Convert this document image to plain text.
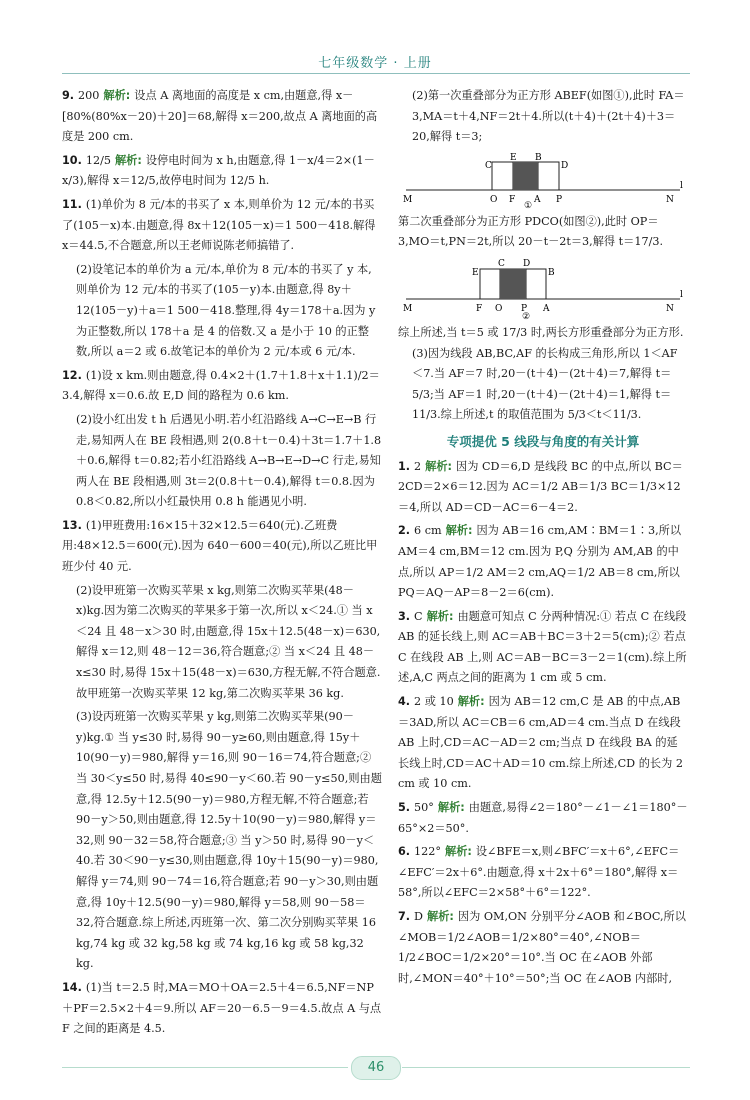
七年级数学 · 上册
9. 200 解析: 设点 A 离地面的高度是 x cm,由题意,得 x－[80%(80%x－20)＋20]＝68,解得 x＝200,故点 A 离地面的高度是 200 cm.
10. 12/5 解析: 设停电时间为 x h,由题意,得 1－x/4＝2×(1－x/3),解得 x＝12/5,故停电时间为 12/5 h.
11. (1)单价为 8 元/本的书买了 x 本,则单价为 12 元/本的书买了(105－x)本.由题意,得 8x＋12(105－x)＝1 500－418.解得 x＝44.5,不合题意,所以王老师说陈老师搞错了.
(2)设笔记本的单价为 a 元/本,单价为 8 元/本的书买了 y 本,则单价为 12 元/本的书买了(105－y)本.由题意,得 8y＋12(105－y)＋a＝1 500－418.整理,得 4y＝178＋a.因为 y 为正整数,所以 178＋a 是 4 的倍数.又 a 是小于 10 的正整数,所以 a＝2 或 6.故笔记本的单价为 2 元/本或 6 元/本.
12. (1)设 x km.则由题意,得 0.4×2＋(1.7＋1.8＋x＋1.1)/2＝3.4,解得 x＝0.6.故 E,D 间的路程为 0.6 km.
(2)设小红出发 t h 后遇见小明.若小红沿路线 A→C→E→B 行走,易知两人在 BE 段相遇,则 2(0.8＋t－0.4)＋3t＝1.7＋1.8＋0.6,解得 t＝0.82;若小红沿路线 A→B→E→D→C 行走,易知两人在 BE 段相遇,则 3t＝2(0.8＋t－0.4),解得 t＝0.8.因为 0.8＜0.82,所以小红最快用 0.8 h 能遇见小明.
13. (1)甲班费用:16×15＋32×12.5＝640(元).乙班费用:48×12.5＝600(元).因为 640－600＝40(元),所以乙班比甲班少付 40 元.
(2)设甲班第一次购买苹果 x kg,则第二次购买苹果(48－x)kg.因为第二次购买的苹果多于第一次,所以 x＜24.① 当 x＜24 且 48－x＞30 时,由题意,得 15x＋12.5(48－x)＝630,解得 x＝12,则 48－12＝36,符合题意;② 当 x＜24 且 48－x≤30 时,易得 15x＋15(48－x)＝630,方程无解,不符合题意.故甲班第一次购买苹果 12 kg,第二次购买苹果 36 kg.
(3)设丙班第一次购买苹果 y kg,则第二次购买苹果(90－y)kg.① 当 y≤30 时,易得 90－y≥60,则由题意,得 15y＋10(90－y)＝980,解得 y＝16,则 90－16＝74,符合题意;② 当 30＜y≤50 时,易得 40≤90－y＜60.若 90－y≤50,则由题意,得 12.5y＋12.5(90－y)＝980,方程无解,不符合题意;若 90－y＞50,则由题意,得 12.5y＋10(90－y)＝980,解得 y＝32,则 90－32＝58,符合题意;③ 当 y＞50 时,易得 90－y＜40.若 30＜90－y≤30,则由题意,得 10y＋15(90－y)＝980,解得 y＝74,则 90－74＝16,符合题意;若 90－y＞30,则由题意,得 10y＋12.5(90－y)＝980,解得 y＝58,则 90－58＝32,符合题意.综上所述,丙班第一次、第二次分别购买苹果 16 kg,74 kg 或 32 kg,58 kg 或 74 kg,16 kg 或 58 kg,32 kg.
14. (1)当 t＝2.5 时,MA＝MO＋OA＝2.5＋4＝6.5,NF＝NP＋PF＝2.5×2＋4＝9.所以 AF＝20－6.5－9＝4.5.故点 A 与点 F 之间的距离是 4.5.

(2)第一次重叠部分为正方形 ABEF(如图①),此时 FA＝3,MA＝t＋4,NF＝2t＋4.所以(t＋4)＋(2t＋4)＋3＝20,解得 t＝3;

C
E B
D
M	O F A P	N
l
①

第二次重叠部分为正方形 PDCO(如图②),此时 OP＝3,MO＝t,PN＝2t,所以 20－t－2t＝3,解得 t＝17/3.

E
C D
B
M	F O P A	N
l
②

综上所述,当 t＝5 或 17/3 时,两长方形重叠部分为正方形.

(3)因为线段 AB,BC,AF 的长构成三角形,所以 1＜AF＜7.当 AF＝7 时,20－(t＋4)－(2t＋4)＝7,解得 t＝5/3;当 AF＝1 时,20－(t＋4)－(2t＋4)＝1,解得 t＝11/3.综上所述,t 的取值范围为 5/3＜t＜11/3.

专项提优 5 线段与角度的有关计算
1. 2 解析: 因为 CD＝6,D 是线段 BC 的中点,所以 BC＝2CD＝2×6＝12.因为 AC＝1/2 AB＝1/3 BC＝1/3×12＝4,所以 AD＝CD－AC＝6－4＝2.
2. 6 cm 解析: 因为 AB＝16 cm,AM∶BM＝1∶3,所以 AM＝4 cm,BM＝12 cm.因为 P,Q 分别为 AM,AB 的中点,所以 AP＝1/2 AM＝2 cm,AQ＝1/2 AB＝8 cm,所以 PQ＝AQ－AP＝8－2＝6(cm).
3. C 解析: 由题意可知点 C 分两种情况:① 若点 C 在线段 AB 的延长线上,则 AC＝AB＋BC＝3＋2＝5(cm);② 若点 C 在线段 AB 上,则 AC＝AB－BC＝3－2＝1(cm).综上所述,A,C 两点之间的距离为 1 cm 或 5 cm.
4. 2 或 10 解析: 因为 AB＝12 cm,C 是 AB 的中点,AB＝3AD,所以 AC＝CB＝6 cm,AD＝4 cm.当点 D 在线段 AB 上时,CD＝AC－AD＝2 cm;当点 D 在线段 BA 的延长线上时,CD＝AC＋AD＝10 cm.综上所述,CD 的长为 2 cm 或 10 cm.
5. 50° 解析: 由题意,易得∠2＝180°－∠1－∠1＝180°－65°×2＝50°.
6. 122° 解析: 设∠BFE＝x,则∠BFC′＝x＋6°,∠EFC＝∠EFC′＝2x＋6°.由题意,得 x＋2x＋6°＝180°,解得 x＝58°,所以∠EFC＝2×58°＋6°＝122°.
7. D 解析: 因为 OM,ON 分别平分∠AOB 和∠BOC,所以∠MOB＝1/2∠AOB＝1/2×80°＝40°,∠NOB＝1/2∠BOC＝1/2×20°＝10°.当 OC 在∠AOB 外部时,∠MON＝40°＋10°＝50°;当 OC 在∠AOB 内部时,
46
